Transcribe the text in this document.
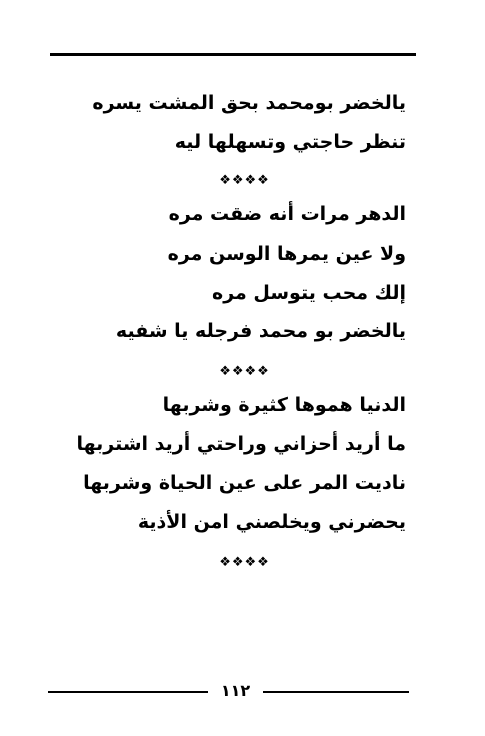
يالخضر بومحمد بحق المشت يسره
تنظر حاجتي وتسهلها ليه
❖❖❖❖
الدهر مرات أنه ضقت مره
ولا عين يمرها الوسن مره
إلك محب يتوسل مره
يالخضر بو محمد فرجله يا شفيه
❖❖❖❖
الدنيا هموها كثيرة وشربها
ما أريد أحزاني وراحتي أريد اشتربها
ناديت المر على عين الحياة وشربها
يحضرني ويخلصني امن الأذية
❖❖❖❖
١١٢
